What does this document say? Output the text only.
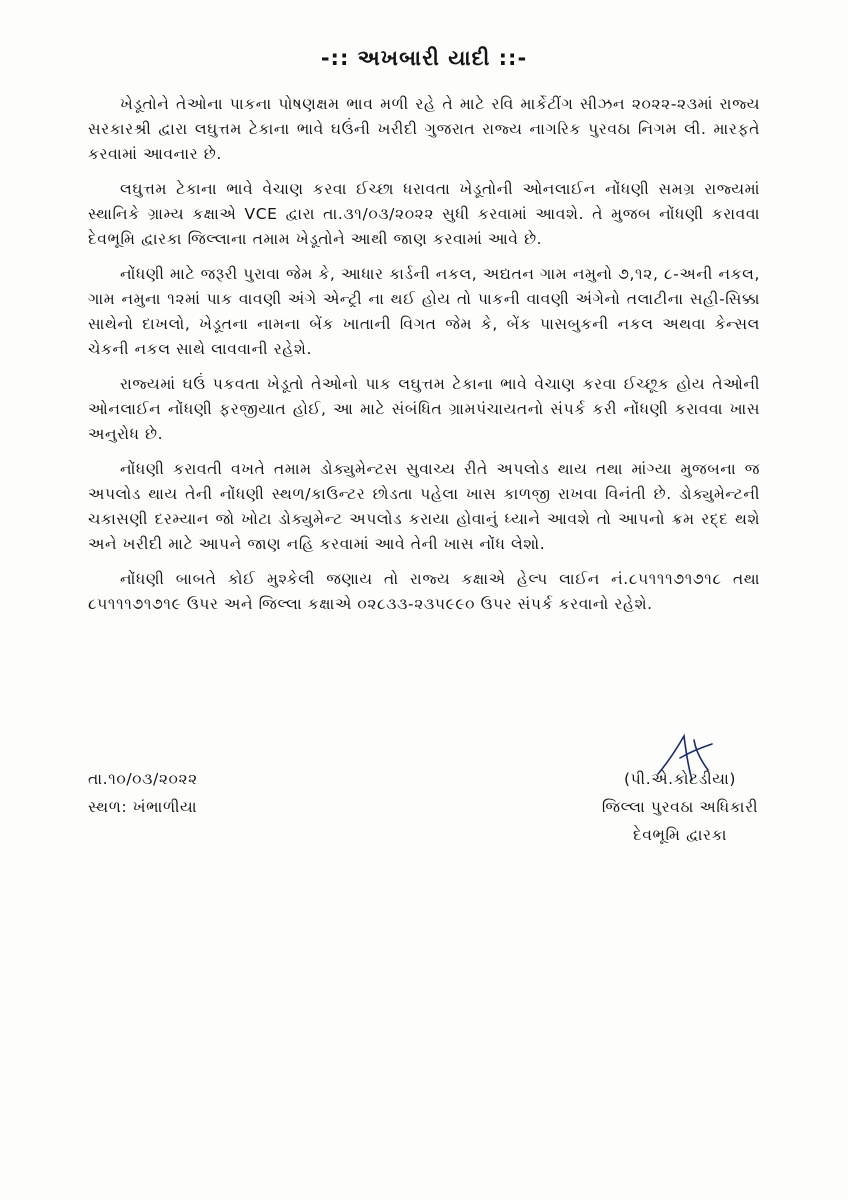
-:: અખબારી યાદી ::-

ખેડૂતોને તેઓના પાકના પોષણક્ષમ ભાવ મળી રહે તે માટે રવિ માર્કેટીંગ સીઝન ૨૦૨૨-૨૩માં રાજ્ય સરકારશ્રી દ્વારા લઘુત્તમ ટેકાના ભાવે ઘઉંની ખરીદી ગુજરાત રાજ્ય નાગરિક પુરવઠા નિગમ લી. મારફતે કરવામાં આવનાર છે.

લઘુત્તમ ટેકાના ભાવે વેચાણ કરવા ઈચ્છા ધરાવતા ખેડૂતોની ઓનલાઈન નોંધણી સમગ્ર રાજ્યમાં સ્થાનિકે ગ્રામ્ય કક્ષાએ VCE દ્વારા તા.૩૧/૦૩/૨૦૨૨ સુધી કરવામાં આવશે. તે મુજબ નોંધણી કરાવવા દેવભૂમિ દ્વારકા જિલ્લાના તમામ ખેડૂતોને આથી જાણ કરવામાં આવે છે.

નોંધણી માટે જરૂરી પુરાવા જેમ કે, આધાર કાર્ડની નકલ, અદ્યતન ગામ નમુનો ૭,૧૨, ૮-અની નકલ, ગામ નમુના ૧૨માં પાક વાવણી અંગે એન્ટ્રી ના થઈ હોય તો પાકની વાવણી અંગેનો તલાટીના સહી-સિક્કા સાથેનો દાખલો, ખેડૂતના નામના બેંક ખાતાની વિગત જેમ કે, બેંક પાસબુકની નકલ અથવા કેન્સલ ચેકની નકલ સાથે લાવવાની રહેશે.

રાજ્યમાં ઘઉં પકવતા ખેડૂતો તેઓનો પાક લઘુત્તમ ટેકાના ભાવે વેચાણ કરવા ઈચ્છૂક હોય તેઓની ઓનલાઈન નોંધણી ફરજીયાત હોઈ, આ માટે સંબંધિત ગ્રામપંચાયતનો સંપર્ક કરી નોંધણી કરાવવા ખાસ અનુરોધ છે.

નોંધણી કરાવતી વખતે તમામ ડોક્યુમેન્ટસ સુવાચ્ય રીતે અપલોડ થાય તથા માંગ્યા મુજબના જ અપલોડ થાય તેની નોંધણી સ્થળ/કાઉન્ટર છોડતા પહેલા ખાસ કાળજી રાખવા વિનંતી છે. ડોક્યુમેન્ટની ચકાસણી દરમ્યાન જો ખોટા ડોક્યુમેન્ટ અપલોડ કરાયા હોવાનું ધ્યાને આવશે તો આપનો ક્રમ રદ્દ થશે અને ખરીદી માટે આપને જાણ નહિ કરવામાં આવે તેની ખાસ નોંધ લેશો.

નોંધણી બાબતે કોઈ મુશ્કેલી જણાય તો રાજ્ય કક્ષાએ હેલ્પ લાઈન નં.૮૫૧૧૧૭૧૭૧૮ તથા ૮૫૧૧૧૭૧૭૧૯ ઉપર અને જિલ્લા કક્ષાએ ૦૨૮૩૩-૨૩૫૯૯૦ ઉપર સંપર્ક કરવાનો રહેશે.

તા.૧૦/૦૩/૨૦૨૨
સ્થળ: ખંભાળીયા
(પી.એ.કોટડીયા)
જિલ્લા પુરવઠા અધિકારી
દેવભૂમિ દ્વારકા
